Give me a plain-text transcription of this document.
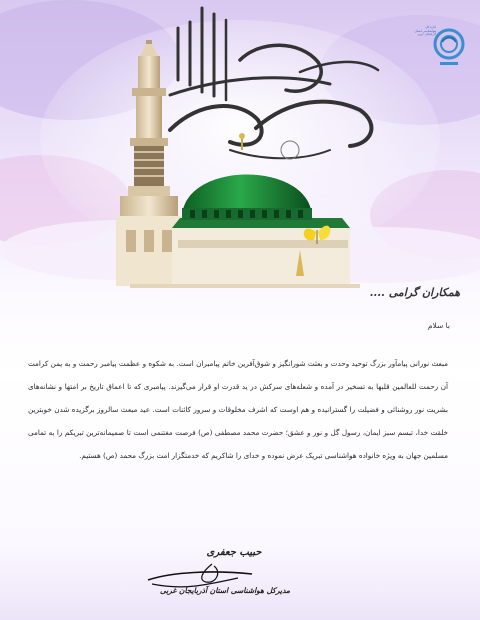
اداره کل هواشناسی استان آذربایجان غربی
همکاران گرامی ....
با سلام
مبعث نورانی پیامآور بزرگ توحید وحدت و بعثت شورانگیز و شوق‌آفرین خاتم پیامبران است. به شکوه و عظمت پیامبر رحمت و به یمن کرامت آن رحمت للعالمین قلبها به تسخیر در آمده و شعله‌های سرکش در ید قدرت او قرار می‌گیرند. پیامبری که تا اعماق تاریخ بر امتها و نشانه‌های بشریت نور روشنائی و فضیلت را گسترانیده و هم اوست که اشرف مخلوقات و سرور کائنات است. عید مبعث سالروز برگزیده شدن خوبترین خلقت خدا، تبسم سبز ایمان، رسول گل و نور و عشق؛ حضرت محمد مصطفی (ص) فرصت مغتنمی است تا صمیمانه‌ترین تبریکم را به تمامی مسلمین جهان به ویژه خانواده هواشناسی تبریک عرض نموده و خدای را شاکریم که خدمتگزار امت بزرگ محمد (ص) هستیم.
حبیب جعفری
مدیرکل هواشناسی استان آذربایجان غربی
